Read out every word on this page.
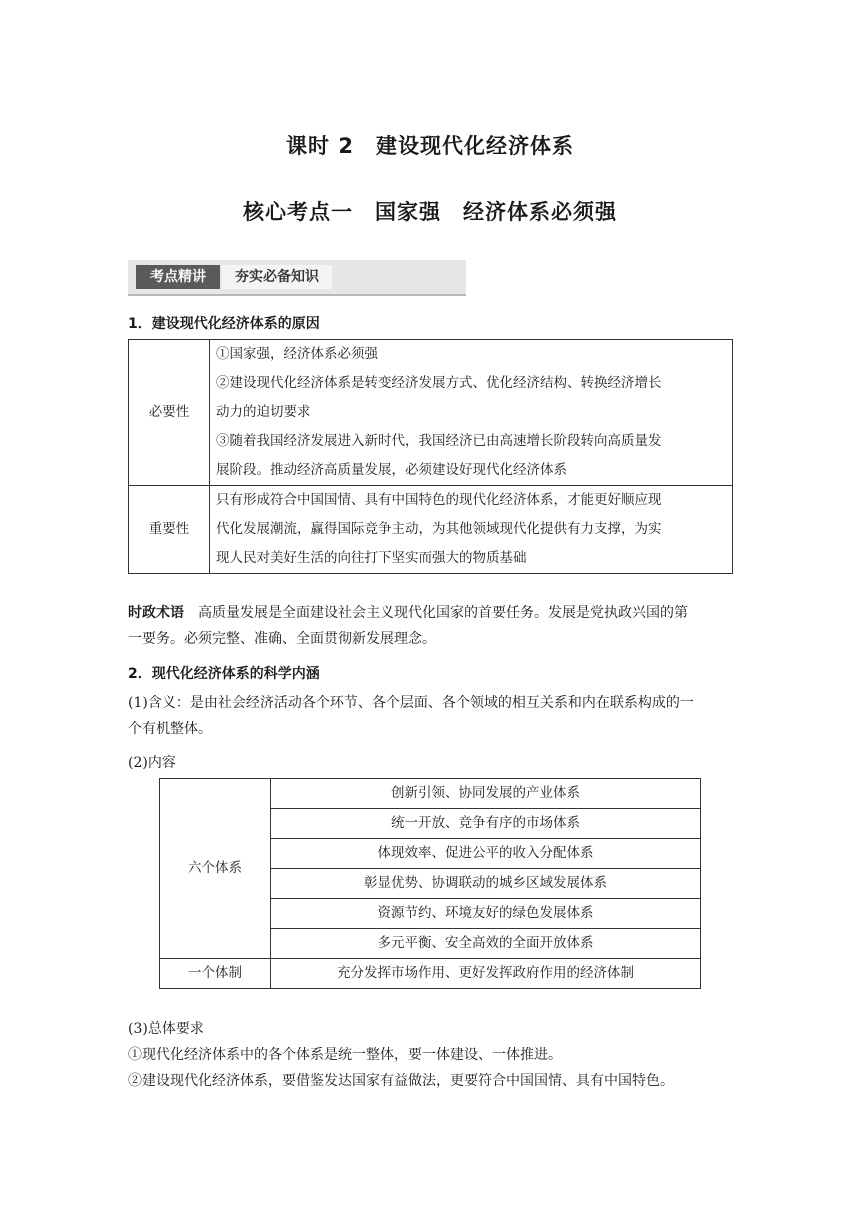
课时 2　建设现代化经济体系
核心考点一　国家强　经济体系必须强
考点精讲	夯实必备知识
1．建设现代化经济体系的原因
必要性	①国家强，经济体系必须强
②建设现代化经济体系是转变经济发展方式、优化经济结构、转换经济增长
动力的迫切要求
③随着我国经济发展进入新时代，我国经济已由高速增长阶段转向高质量发
展阶段。推动经济高质量发展，必须建设好现代化经济体系

重要性	只有形成符合中国国情、具有中国特色的现代化经济体系，才能更好顺应现
代化发展潮流，赢得国际竞争主动，为其他领域现代化提供有力支撑，为实
现人民对美好生活的向往打下坚实而强大的物质基础
时政术语　 高质量发展是全面建设社会主义现代化国家的首要任务。发展是党执政兴国的第
一要务。必须完整、准确、全面贯彻新发展理念。
2．现代化经济体系的科学内涵
(1)含义：是由社会经济活动各个环节、各个层面、各个领域的相互关系和内在联系构成的一
个有机整体。
(2)内容
六个体系	创新引领、协同发展的产业体系
	统一开放、竞争有序的市场体系
	体现效率、促进公平的收入分配体系
	彰显优势、协调联动的城乡区域发展体系
	资源节约、环境友好的绿色发展体系
	多元平衡、安全高效的全面开放体系
一个体制	充分发挥市场作用、更好发挥政府作用的经济体制
(3)总体要求
①现代化经济体系中的各个体系是统一整体，要一体建设、一体推进。
②建设现代化经济体系，要借鉴发达国家有益做法，更要符合中国国情、具有中国特色。
